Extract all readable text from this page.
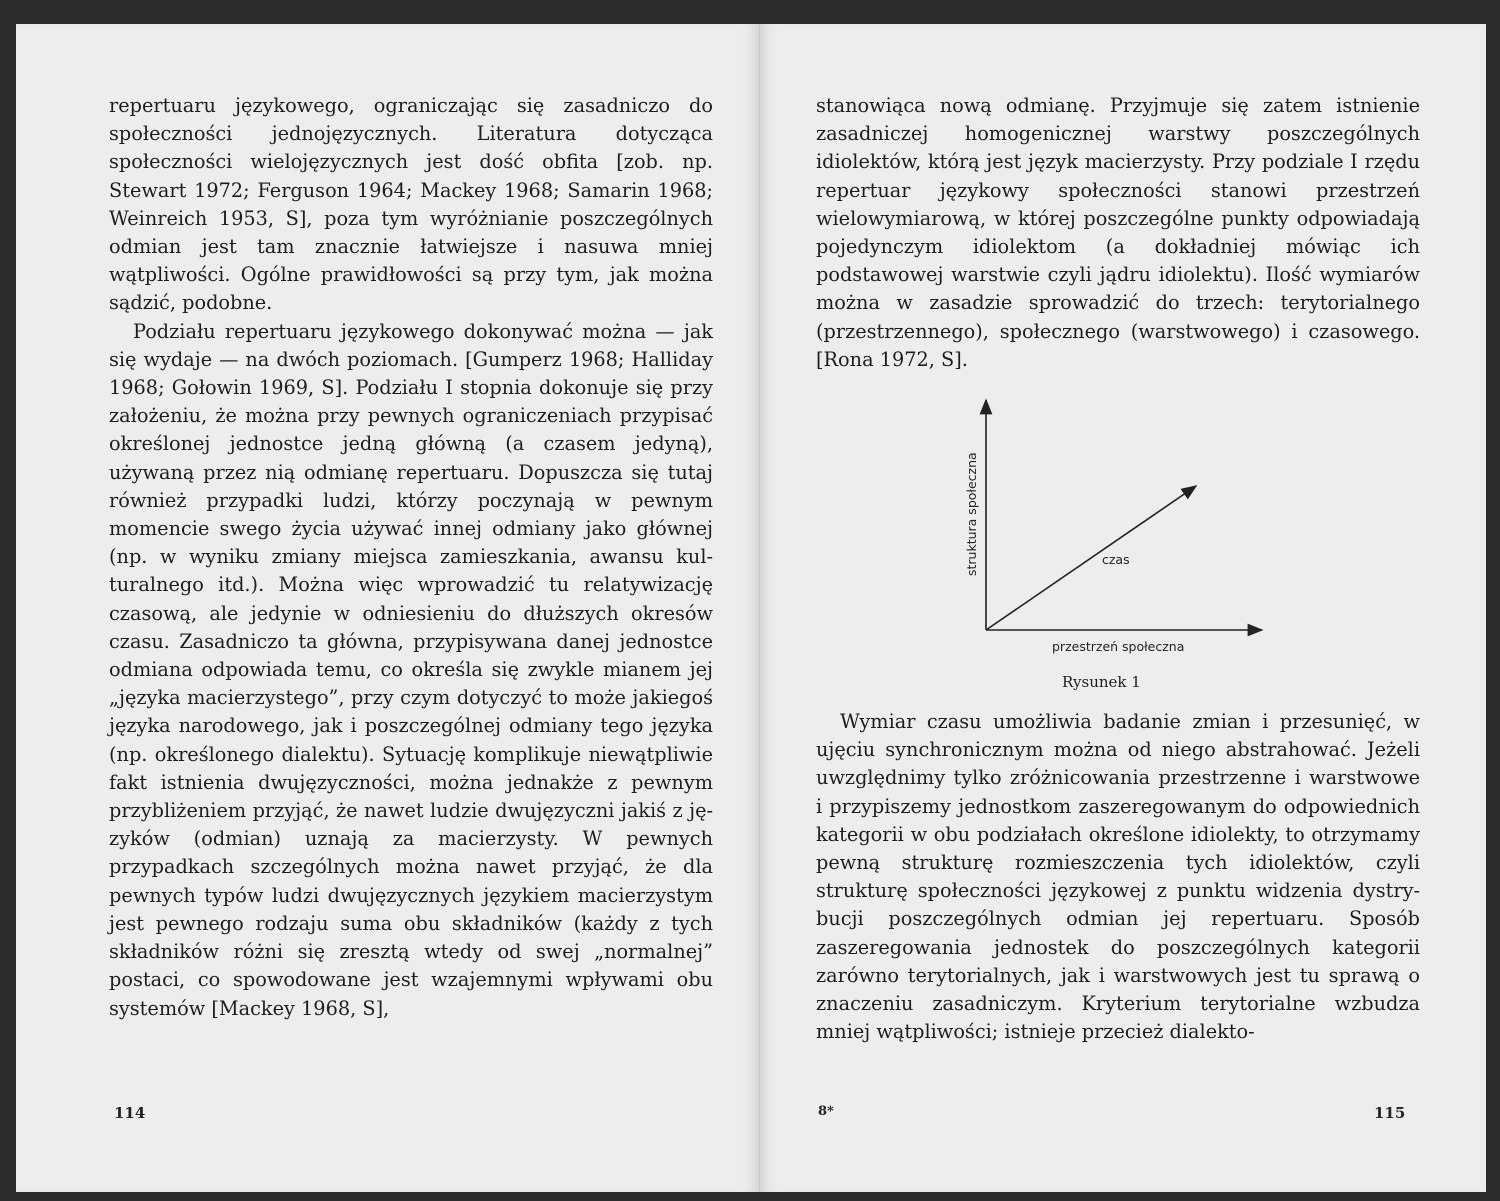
repertuaru językowego, ograniczając się zasadniczo do społeczności jednojęzycznych. Literatura dotycząca społeczności wielojęzycznych jest dość obfita [zob. np. Stewart 1972; Ferguson 1964; Mackey 1968; Samarin 1968; Weinreich 1953, S], poza tym wyróżnianie poszczególnych odmian jest tam znacznie łatwiejsze i nasuwa mniej wątpliwości. Ogólne prawidłowości są przy tym, jak można sądzić, podobne.

Podziału repertuaru językowego dokonywać można — jak się wydaje — na dwóch poziomach. [Gumperz 1968; Halliday 1968; Gołowin 1969, S]. Podziału I stopnia dokonuje się przy założeniu, że można przy pewnych ograniczeniach przypisać określonej jednostce jedną główną (a czasem jedyną), używaną przez nią odmianę repertuaru. Dopuszcza się tutaj również przypadki ludzi, którzy poczynają w pewnym momencie swego życia używać innej odmiany jako głównej (np. w wyniku zmiany miejsca zamieszkania, awansu kulturalnego itd.). Można więc wprowadzić tu relatywizację czasową, ale jedynie w odniesieniu do dłuższych okresów czasu. Zasadniczo ta główna, przypisywana danej jednostce odmiana odpowiada temu, co określa się zwykle mianem jej „języka macierzystego”, przy czym dotyczyć to może jakiegoś języka narodowego, jak i poszczególnej odmiany tego języka (np. określonego dialektu). Sytuację komplikuje niewątpliwie fakt istnienia dwujęzyczności, można jednakże z pewnym przybliżeniem przyjąć, że nawet ludzie dwujęzyczni jakiś z języków (odmian) uznają za macierzysty. W pewnych przypadkach szczególnych można nawet przyjąć, że dla pewnych typów ludzi dwujęzycznych językiem macierzystym jest pewnego rodzaju suma obu składników (każdy z tych składników różni się zresztą wtedy od swej „normalnej” postaci, co spowodowane jest wzajemnymi wpływami obu systemów [Mackey 1968, S],

114

stanowiąca nową odmianę. Przyjmuje się zatem istnienie zasadniczej homogenicznej warstwy poszczególnych idiolektów, którą jest język macierzysty. Przy podziale I rzędu repertuar językowy społeczności stanowi przestrzeń wielowymiarową, w której poszczególne punkty odpowiadają pojedynczym idiolektom (a dokładniej mówiąc ich podstawowej warstwie czyli jądru idiolektu). Ilość wymiarów można w zasadzie sprowadzić do trzech: terytorialnego (przestrzennego), społecznego (warstwowego) i czasowego. [Rona 1972, S].

struktura społeczna
przestrzeń społeczna
czas
Rysunek 1

Wymiar czasu umożliwia badanie zmian i przesunięć, w ujęciu synchronicznym można od niego abstrahować. Jeżeli uwzględnimy tylko zróżnicowania przestrzenne i warstwowe i przypiszemy jednostkom zaszeregowanym do odpowiednich kategorii w obu podziałach określone idiolekty, to otrzymamy pewną strukturę rozmieszczenia tych idiolektów, czyli strukturę społeczności językowej z punktu widzenia dystrybucji poszczególnych odmian jej repertuaru. Sposób zaszeregowania jednostek do poszczególnych kategorii zarówno terytorialnych, jak i warstwowych jest tu sprawą o znaczeniu zasadniczym. Kryterium terytorialne wzbudza mniej wątpliwości; istnieje przecież dialekto-

8*	115
